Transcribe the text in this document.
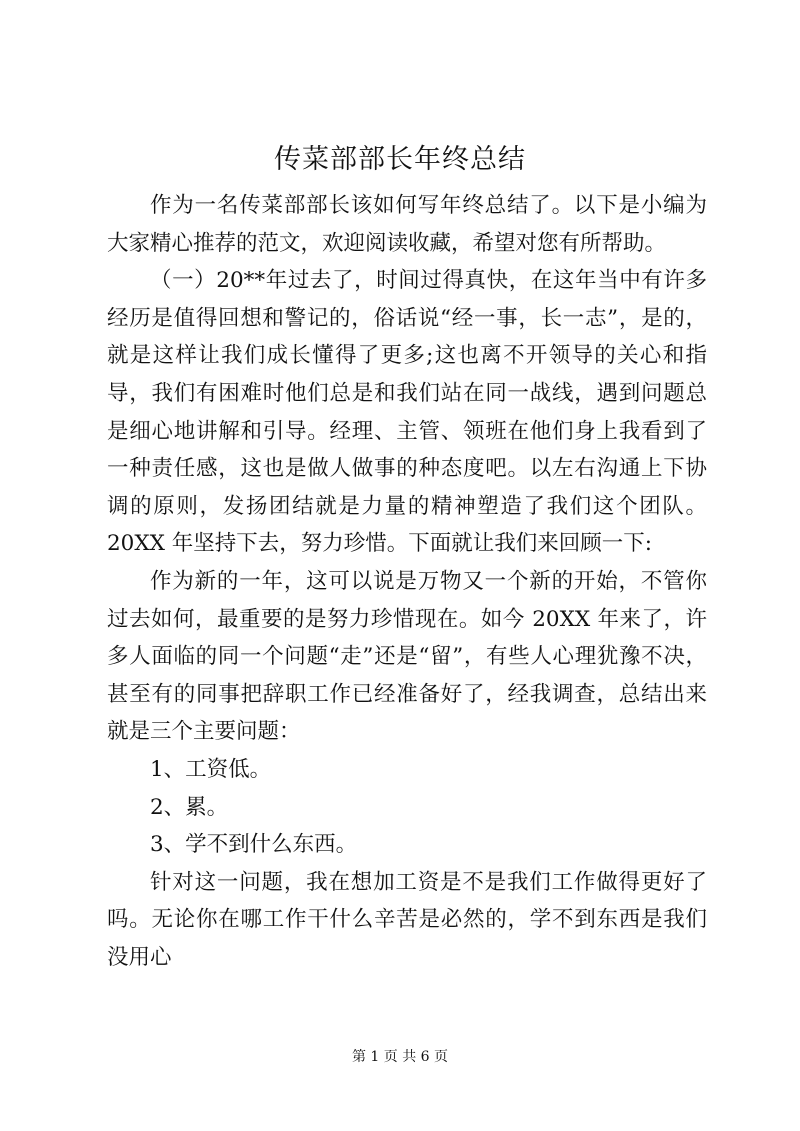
传菜部部长年终总结

作为一名传菜部部长该如何写年终总结了。以下是小编为大家精心推荐的范文，欢迎阅读收藏，希望对您有所帮助。

（一）20**年过去了，时间过得真快，在这年当中有许多经历是值得回想和警记的，俗话说“经一事，长一志”，是的，就是这样让我们成长懂得了更多;这也离不开领导的关心和指导，我们有困难时他们总是和我们站在同一战线，遇到问题总是细心地讲解和引导。经理、主管、领班在他们身上我看到了一种责任感，这也是做人做事的种态度吧。以左右沟通上下协调的原则，发扬团结就是力量的精神塑造了我们这个团队。20XX 年坚持下去，努力珍惜。下面就让我们来回顾一下:

作为新的一年，这可以说是万物又一个新的开始，不管你过去如何，最重要的是努力珍惜现在。如今 20XX 年来了，许多人面临的同一个问题“走”还是“留”，有些人心理犹豫不决，甚至有的同事把辞职工作已经准备好了，经我调查，总结出来就是三个主要问题：

1、工资低。

2、累。

3、学不到什么东西。

针对这一问题，我在想加工资是不是我们工作做得更好了吗。无论你在哪工作干什么辛苦是必然的，学不到东西是我们没用心

第 1 页 共 6 页
